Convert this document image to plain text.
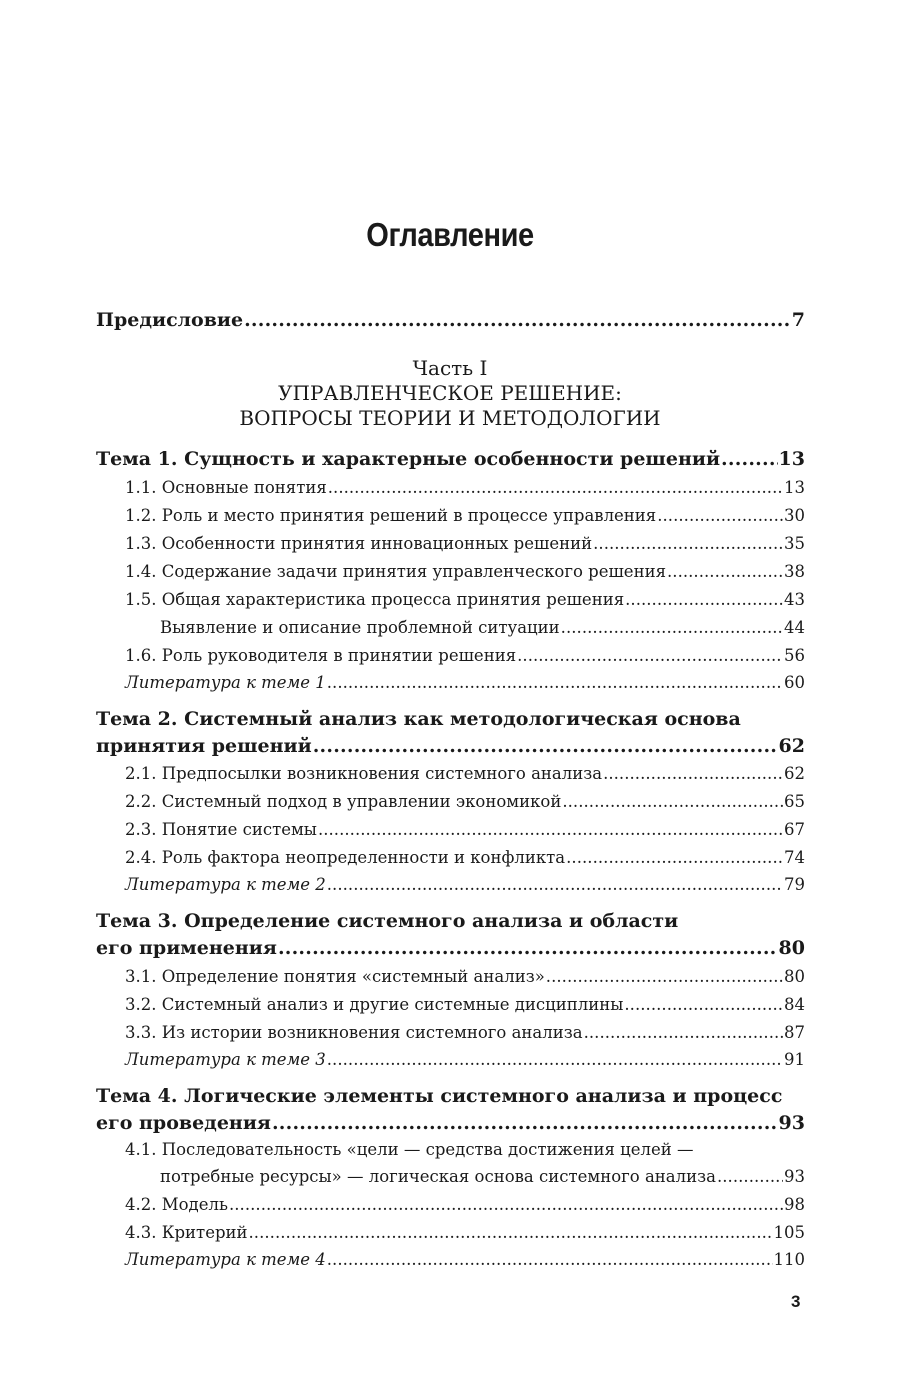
Оглавление
Предисловие . . .	7
Часть I
УПРАВЛЕНЧЕСКОЕ РЕШЕНИЕ:
ВОПРОСЫ ТЕОРИИ И МЕТОДОЛОГИИ
Тема 1. Сущность и характерные особенности решений . . .	13
1.1. Основные понятия . . .	13
1.2. Роль и место принятия решений в процессе управления . . .	30
1.3. Особенности принятия инновационных решений . . .	35
1.4. Содержание задачи принятия управленческого решения . . .	38
1.5. Общая характеристика процесса принятия решения . . .	43
Выявление и описание проблемной ситуации . . .	44
1.6. Роль руководителя в принятии решения . . .	56
Литература к теме 1 . . .	60
Тема 2. Системный анализ как методологическая основа
принятия решений . . .	62
2.1. Предпосылки возникновения системного анализа . . .	62
2.2. Системный подход в управлении экономикой . . .	65
2.3. Понятие системы . . .	67
2.4. Роль фактора неопределенности и конфликта . . .	74
Литература к теме 2 . . .	79
Тема 3. Определение системного анализа и области
его применения . . .	80
3.1. Определение понятия «системный анализ» . . .	80
3.2. Системный анализ и другие системные дисциплины . . .	84
3.3. Из истории возникновения системного анализа . . .	87
Литература к теме 3 . . .	91
Тема 4. Логические элементы системного анализа и процесс
его проведения . . .	93
4.1. Последовательность «цели — средства достижения целей —
потребные ресурсы» — логическая основа системного анализа . . .	93
4.2. Модель . . .	98
4.3. Критерий . . .	105
Литература к теме 4 . . .	110
3
